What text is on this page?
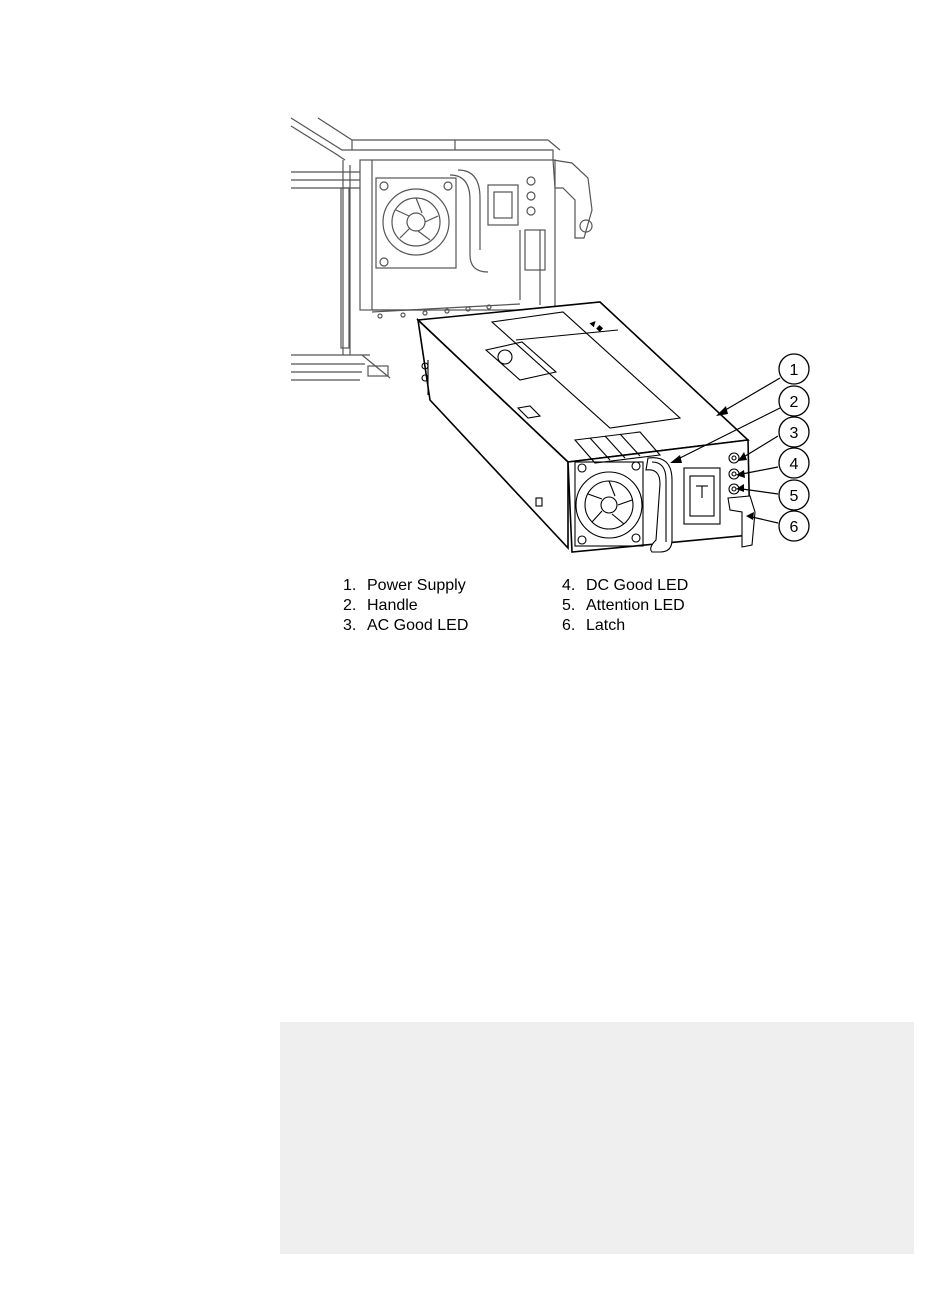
▲■
1
2
3
4
5
6
1. Power Supply
2. Handle
3. AC Good LED
4. DC Good LED
5. Attention LED
6. Latch
